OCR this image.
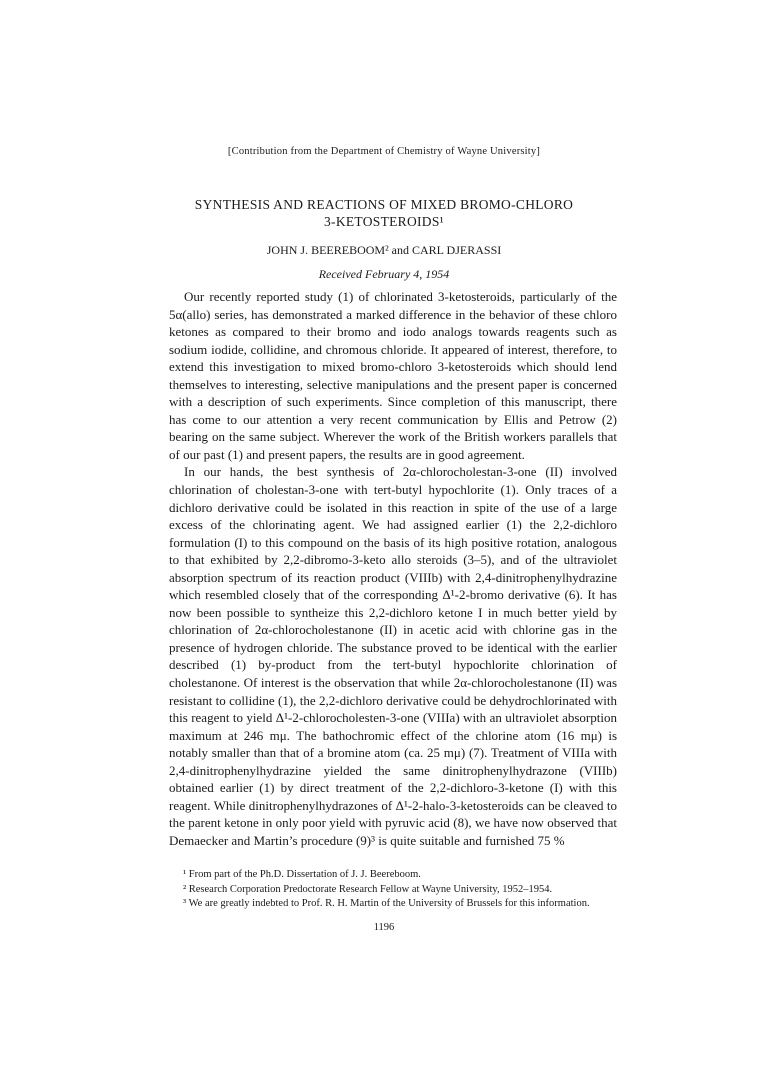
[Contribution from the Department of Chemistry of Wayne University]
SYNTHESIS AND REACTIONS OF MIXED BROMO-CHLORO
3-KETOSTEROIDS¹
JOHN J. BEEREBOOM² and CARL DJERASSI
Received February 4, 1954

Our recently reported study (1) of chlorinated 3-ketosteroids, particularly of the 5α(allo) series, has demonstrated a marked difference in the behavior of these chloro ketones as compared to their bromo and iodo analogs towards reagents such as sodium iodide, collidine, and chromous chloride. It appeared of interest, therefore, to extend this investigation to mixed bromo-chloro 3-ketosteroids which should lend themselves to interesting, selective manipulations and the present paper is concerned with a description of such experiments. Since completion of this manuscript, there has come to our attention a very recent communication by Ellis and Petrow (2) bearing on the same subject. Wherever the work of the British workers parallels that of our past (1) and present papers, the results are in good agreement.

In our hands, the best synthesis of 2α-chlorocholestan-3-one (II) involved chlorination of cholestan-3-one with tert-butyl hypochlorite (1). Only traces of a dichloro derivative could be isolated in this reaction in spite of the use of a large excess of the chlorinating agent. We had assigned earlier (1) the 2,2-dichloro formulation (I) to this compound on the basis of its high positive rotation, analogous to that exhibited by 2,2-dibromo-3-keto allo steroids (3–5), and of the ultraviolet absorption spectrum of its reaction product (VIIIb) with 2,4-dinitrophenylhydrazine which resembled closely that of the corresponding Δ¹-2-bromo derivative (6). It has now been possible to syntheize this 2,2-dichloro ketone I in much better yield by chlorination of 2α-chlorocholestanone (II) in acetic acid with chlorine gas in the presence of hydrogen chloride. The substance proved to be identical with the earlier described (1) by-product from the tert-butyl hypochlorite chlorination of cholestanone. Of interest is the observation that while 2α-chlorocholestanone (II) was resistant to collidine (1), the 2,2-dichloro derivative could be dehydrochlorinated with this reagent to yield Δ¹-2-chlorocholesten-3-one (VIIIa) with an ultraviolet absorption maximum at 246 mμ. The bathochromic effect of the chlorine atom (16 mμ) is notably smaller than that of a bromine atom (ca. 25 mμ) (7). Treatment of VIIIa with 2,4-dinitrophenylhydrazine yielded the same dinitrophenylhydrazone (VIIIb) obtained earlier (1) by direct treatment of the 2,2-dichloro-3-ketone (I) with this reagent. While dinitrophenylhydrazones of Δ¹-2-halo-3-ketosteroids can be cleaved to the parent ketone in only poor yield with pyruvic acid (8), we have now observed that Demaecker and Martin’s procedure (9)³ is quite suitable and furnished 75 %

¹ From part of the Ph.D. Dissertation of J. J. Beereboom.

² Research Corporation Predoctorate Research Fellow at Wayne University, 1952–1954.

³ We are greatly indebted to Prof. R. H. Martin of the University of Brussels for this information.

1196
